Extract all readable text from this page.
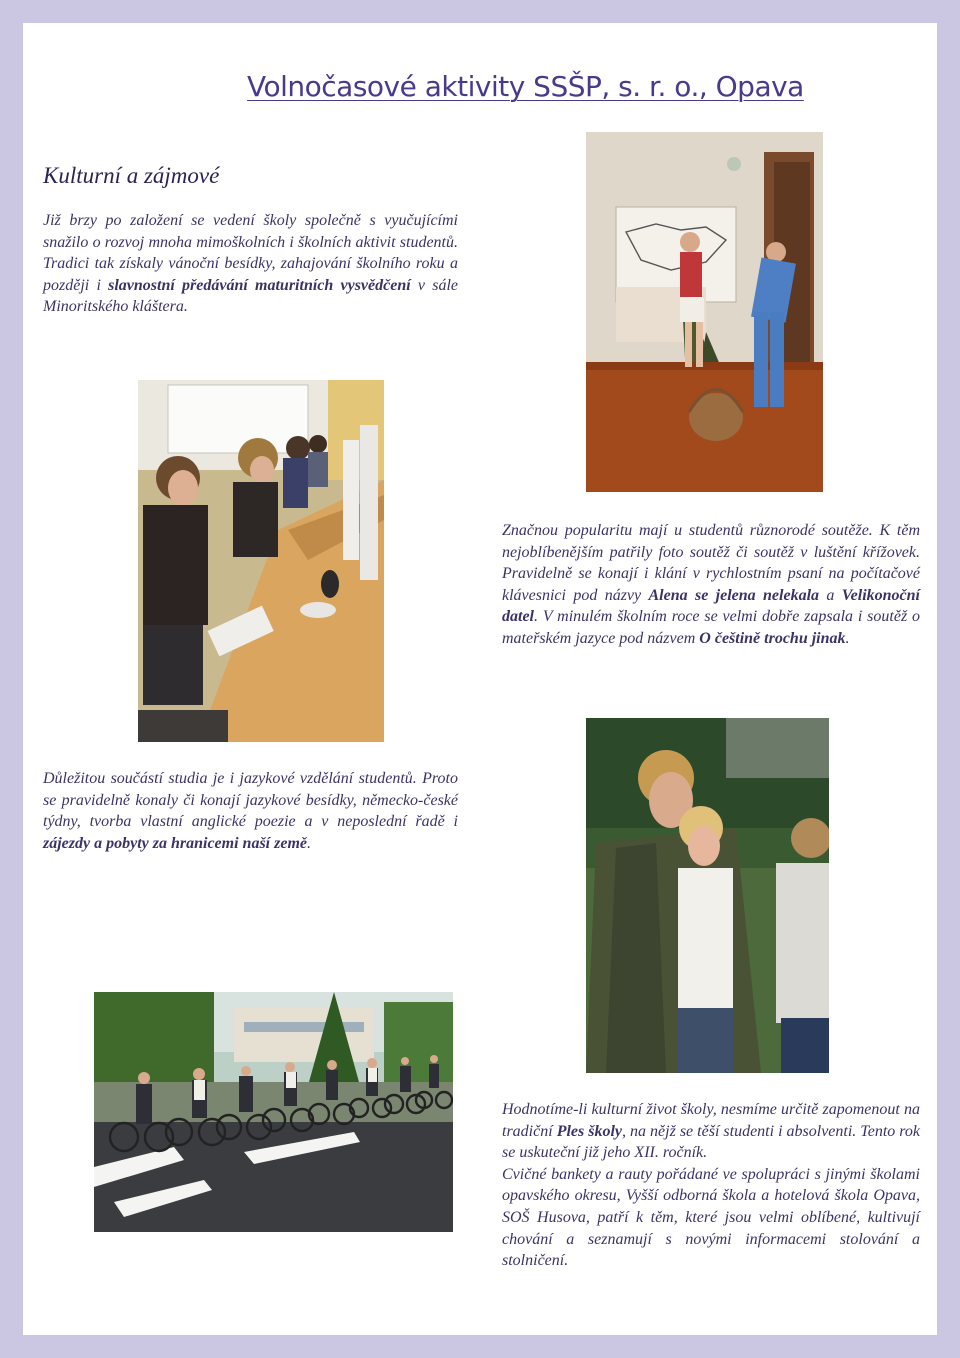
Volnočasové aktivity SSŠP, s. r. o., Opava
Kulturní a zájmové
Již brzy po založení se vedení školy společně s vyučujícími snažilo o rozvoj mnoha mimoškolních i školních aktivit studentů. Tradici tak získaly vánoční besídky, zahajování školního roku a později i slavnostní předávání maturitních vysvědčení v sále Minoritského kláštera.
Značnou popularitu mají u studentů různorodé soutěže. K těm nejoblíbenějším patřily foto soutěž či soutěž v luštění křížovek. Pravidelně se konají i klání v rychlostním psaní na počítačové klávesnici pod názvy Alena se jelena nelekala a Velikonoční datel. V minulém školním roce se velmi dobře zapsala i soutěž o mateřském jazyce pod názvem O češtině trochu jinak.
Důležitou součástí studia je i jazykové vzdělání studentů. Proto se pravidelně konaly či konají jazykové besídky, německo-české týdny, tvorba vlastní anglické poezie a v neposlední řadě i zájezdy a pobyty za hranicemi naší země.
Hodnotíme-li kulturní život školy, nesmíme určitě zapomenout na tradiční Ples školy, na nějž se těší studenti i absolventi. Tento rok se uskuteční již jeho XII. ročník.
Cvičné bankety a rauty pořádané ve spolupráci s jinými školami opavského okresu, Vyšší odborná škola a hotelová škola Opava, SOŠ Husova, patří k těm, které jsou velmi oblíbené, kultivují chování a seznamují s novými informacemi stolování a stolničení.
